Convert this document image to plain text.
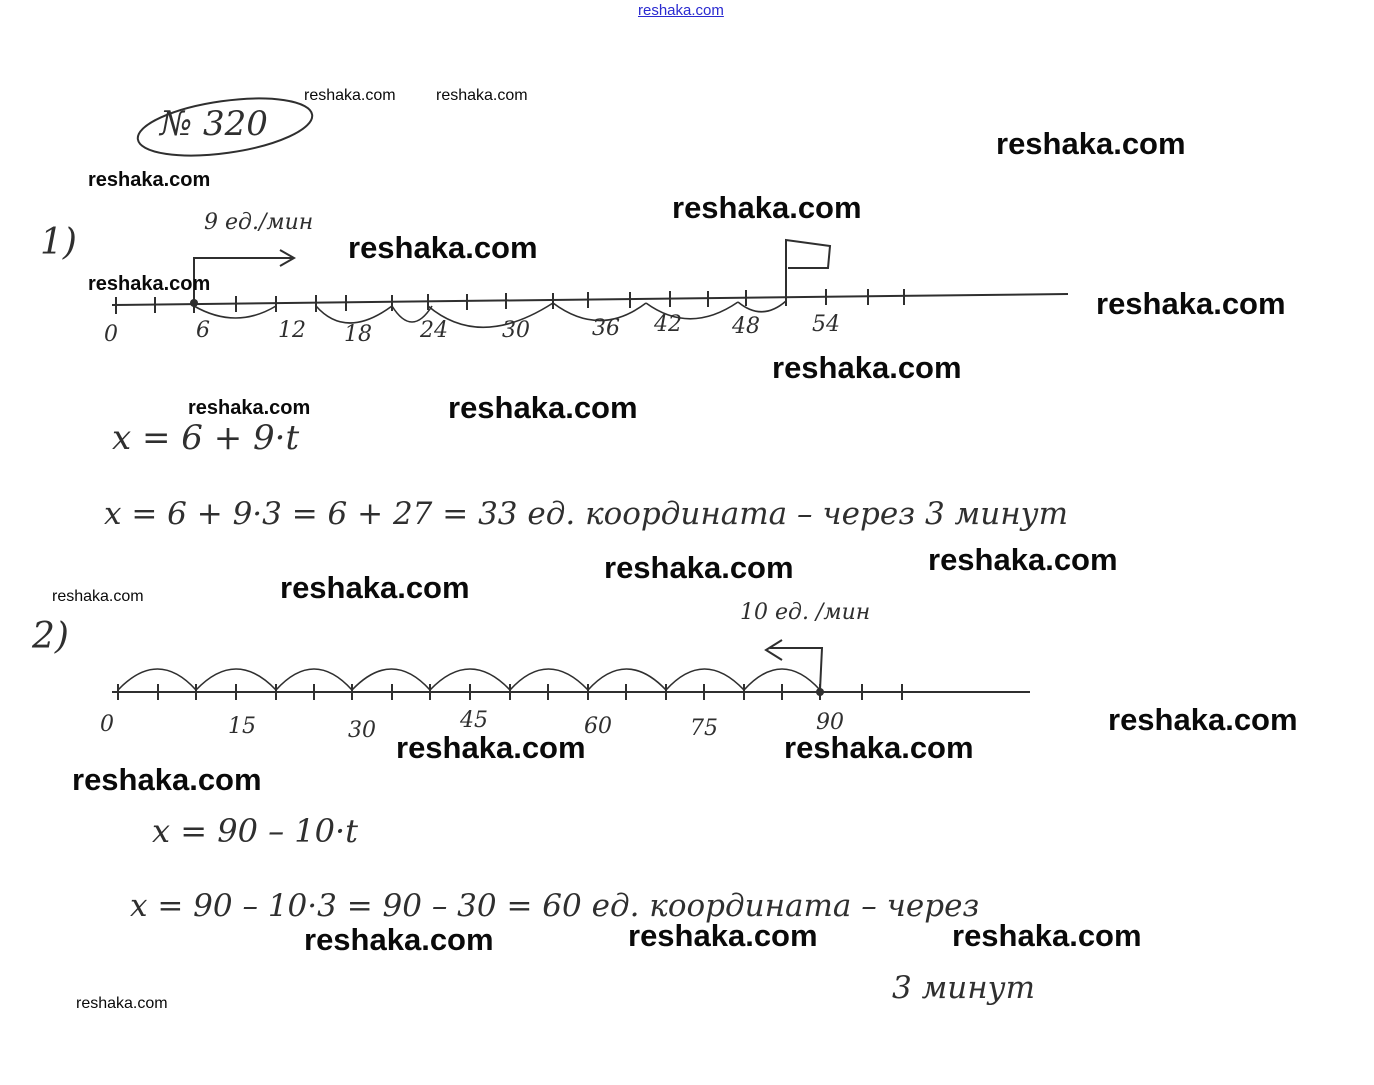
reshaka.com
№ 320
1)	9 ед./мин
0	6	12 18 24 30	36 42 48 54
x = 6 + 9·t
x = 6 + 9·3 = 6 + 27 = 33 ед. координата – через 3 минут
2)
10 ед. /мин
0	15	30	45	60	75	90
x = 90 – 10·t
x = 90 – 10·3 = 90 – 30 = 60 ед. координата – через
3 минут
reshaka.com	reshaka.com
reshaka.com
reshaka.com
reshaka.com
reshaka.com
reshaka.com
reshaka.com
reshaka.com
reshaka.com	reshaka.com
reshaka.com
reshaka.com
reshaka.com
reshaka.com
reshaka.com
reshaka.com	reshaka.com
reshaka.com
reshaka.com	reshaka.com	reshaka.com
reshaka.com
